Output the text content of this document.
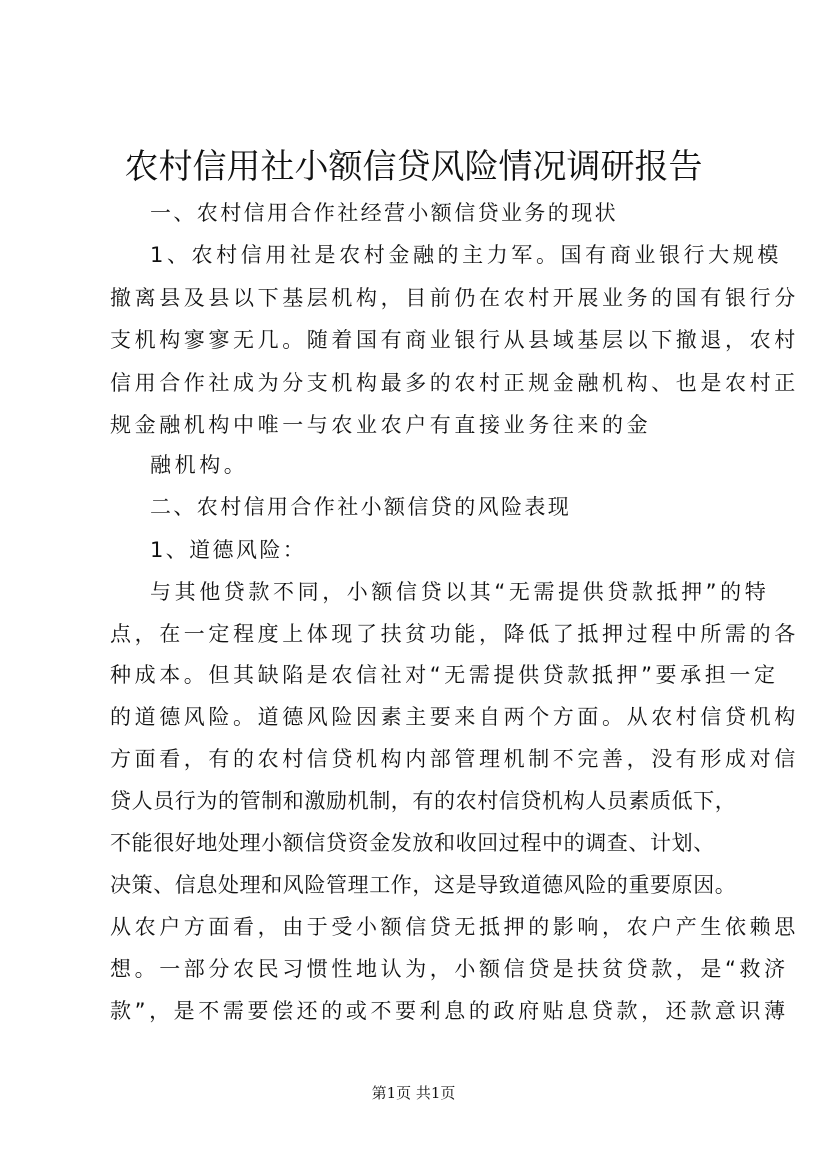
农村信用社小额信贷风险情况调研报告
一、农村信用合作社经营小额信贷业务的现状
1、农村信用社是农村金融的主力军。国有商业银行大规模
撤离县及县以下基层机构，目前仍在农村开展业务的国有银行分
支机构寥寥无几。随着国有商业银行从县域基层以下撤退，农村
信用合作社成为分支机构最多的农村正规金融机构、也是农村正
规金融机构中唯一与农业农户有直接业务往来的金
融机构。
二、农村信用合作社小额信贷的风险表现
1、道德风险：
与其他贷款不同，小额信贷以其“无需提供贷款抵押”的特
点，在一定程度上体现了扶贫功能，降低了抵押过程中所需的各
种成本。但其缺陷是农信社对“无需提供贷款抵押”要承担一定
的道德风险。道德风险因素主要来自两个方面。从农村信贷机构
方面看，有的农村信贷机构内部管理机制不完善，没有形成对信
贷人员行为的管制和激励机制，有的农村信贷机构人员素质低下，
不能很好地处理小额信贷资金发放和收回过程中的调查、计划、
决策、信息处理和风险管理工作，这是导致道德风险的重要原因。
从农户方面看，由于受小额信贷无抵押的影响，农户产生依赖思
想。一部分农民习惯性地认为，小额信贷是扶贫贷款，是“救济
款”，是不需要偿还的或不要利息的政府贴息贷款，还款意识薄
第1页 共1页
